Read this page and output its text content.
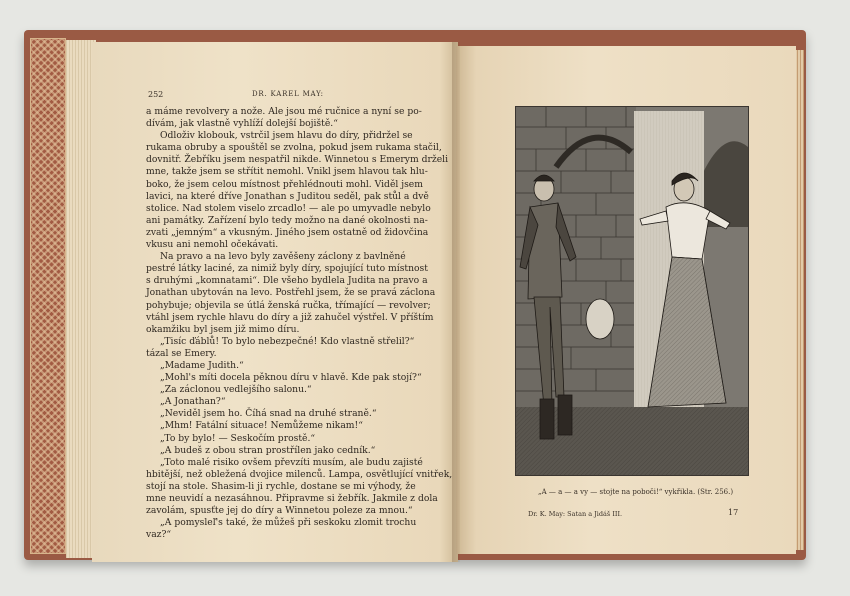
252	DR. KAREL MAY:
a máme revolvery a nože. Ale jsou mé ručnice a nyní se po-
dívám, jak vlastně vyhlíží dolejší bojiště.“
Odloživ klobouk, vstrčil jsem hlavu do díry, přidržel se
rukama obruby a spouštěl se zvolna, pokud jsem rukama stačil,
dovnitř. Žebříku jsem nespatřil nikde. Winnetou s Emerym drželi
mne, takže jsem se střítit nemohl. Vnikl jsem hlavou tak hlu-
boko, že jsem celou místnost přehlédnouti mohl. Viděl jsem
lavici, na které dříve Jonathan s Juditou seděl, pak stůl a dvě
stolice. Nad stolem viselo zrcadlo! — ale po umyvadle nebylo
ani památky. Zařízení bylo tedy možno na dané okolnosti na-
zvati „jemným“ a vkusným. Jiného jsem ostatně od židovčina
vkusu ani nemohl očekávati.
Na pravo a na levo byly zavěšeny záclony z bavlněné
pestré látky laciné, za nimiž byly díry, spojující tuto místnost
s druhými „komnatami“. Dle všeho bydlela Judita na pravo a
Jonathan ubytován na levo. Postřehl jsem, že se pravá záclona
pohybuje; objevila se útlá ženská ručka, třímající — revolver;
vtáhl jsem rychle hlavu do díry a již zahučel výstřel. V příštím
okamžiku byl jsem již mimo díru.
„Tisíc ďáblů! To bylo nebezpečné! Kdo vlastně střelil?“
tázal se Emery.
„Madame Judith.“
„Mohl's míti docela pěknou díru v hlavě. Kde pak stojí?“
„Za záclonou vedlejšího salonu.“
„A Jonathan?“
„Neviděl jsem ho. Číhá snad na druhé straně.“
„Mhm! Fatální situace! Nemůžeme nikam!“
„To by bylo! — Seskočím prostě.“
„A budeš z obou stran prostřílen jako cedník.“
„Toto malé risiko ovšem převzíti musím, ale budu zajisté
hbitější, než obležená dvojice milenců. Lampa, osvětlující vnitřek,
stojí na stole. Shasim-li ji rychle, dostane se mi výhody, že
mne neuvidí a nezasáhnou. Připravme si žebřík. Jakmile z dola
zavolám, spusťte jej do díry a Winnetou poleze za mnou.“
„A pomysleľ's také, že můžeš při seskoku zlomit trochu
vaz?“
„A — a — a vy — stojte na poboči!“ vykřikla. (Str. 256.)
Dr. K. May: Satan a Jidáš III.	17
